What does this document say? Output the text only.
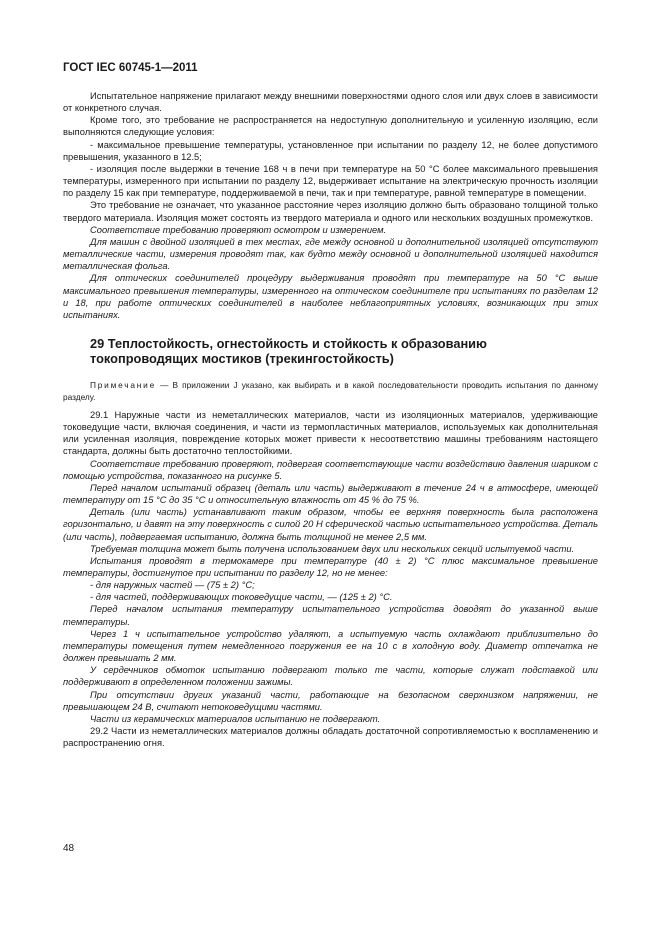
ГОСТ IEC 60745-1—2011

Испытательное напряжение прилагают между внешними поверхностями одного слоя или двух слоев в зависимости от конкретного случая.

Кроме того, это требование не распространяется на недоступную дополнительную и усиленную изоляцию, если выполняются следующие условия:

- максимальное превышение температуры, установленное при испытании по разделу 12, не более допустимого превышения, указанного в 12.5;

- изоляция после выдержки в течение 168 ч в печи при температуре на 50 °С более максимального превышения температуры, измеренного при испытании по разделу 12, выдерживает испытание на электрическую прочность изоляции по разделу 15 как при температуре, поддерживаемой в печи, так и при температуре, равной температуре в помещении.

Это требование не означает, что указанное расстояние через изоляцию должно быть образовано толщиной только твердого материала. Изоляция может состоять из твердого материала и одного или нескольких воздушных промежутков.

Соответствие требованию проверяют осмотром и измерением.

Для машин с двойной изоляцией в тех местах, где между основной и дополнительной изоляцией отсутствуют металлические части, измерения проводят так, как будто между основной и дополнительной изоляцией находится металлическая фольга.

Для оптических соединителей процедуру выдерживания проводят при температуре на 50 °С выше максимального превышения температуры, измеренного на оптическом соединителе при испытаниях по разделам 12 и 18, при работе оптических соединителей в наиболее неблагоприятных условиях, возникающих при этих испытаниях.

29 Теплостойкость, огнестойкость и стойкость к образованию
токопроводящих мостиков (трекингостойкость)

Примечание — В приложении J указано, как выбирать и в какой последовательности проводить испытания по данному разделу.

29.1 Наружные части из неметаллических материалов, части из изоляционных материалов, удерживающие токоведущие части, включая соединения, и части из термопластичных материалов, используемых как дополнительная или усиленная изоляция, повреждение которых может привести к несоответствию машины требованиям настоящего стандарта, должны быть достаточно теплостойкими.

Соответствие требованию проверяют, подвергая соответствующие части воздействию давления шариком с помощью устройства, показанного на рисунке 5.

Перед началом испытаний образец (деталь или часть) выдерживают в течение 24 ч в атмосфере, имеющей температуру от 15 °С до 35 °С и относительную влажность от 45 % до 75 %.

Деталь (или часть) устанавливают таким образом, чтобы ее верхняя поверхность была расположена горизонтально, и давят на эту поверхность с силой 20 Н сферической частью испытательного устройства. Деталь (или часть), подвергаемая испытанию, должна быть толщиной не менее 2,5 мм.

Требуемая толщина может быть получена использованием двух или нескольких секций испытуемой части.

Испытания проводят в термокамере при температуре (40 ± 2) °С плюс максимальное превышение температуры, достигнутое при испытании по разделу 12, но не менее:

- для наружных частей — (75 ± 2) °С;

- для частей, поддерживающих токоведущие части, — (125 ± 2) °С.

Перед началом испытания температуру испытательного устройства доводят до указанной выше температуры.

Через 1 ч испытательное устройство удаляют, а испытуемую часть охлаждают приблизительно до температуры помещения путем немедленного погружения ее на 10 с в холодную воду. Диаметр отпечатка не должен превышать 2 мм.

У сердечников обмоток испытанию подвергают только те части, которые служат подставкой или поддерживают в определенном положении зажимы.

При отсутствии других указаний части, работающие на безопасном сверхнизком напряжении, не превышающем 24 В, считают нетоковедущими частями.

Части из керамических материалов испытанию не подвергают.

29.2 Части из неметаллических материалов должны обладать достаточной сопротивляемостью к воспламенению и распространению огня.

48
